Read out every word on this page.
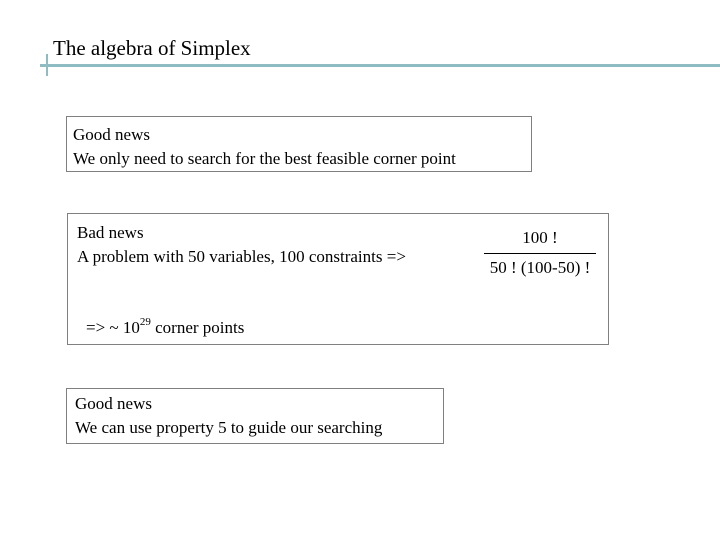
The algebra of Simplex
Good news
We only need to search for the best feasible corner point
Bad news
A problem with 50 variables, 100 constraints =>
100 !
50 ! (100-50) !
=> ~ $10^{29}$ corner points
Good news
We can use property 5 to guide our searching
